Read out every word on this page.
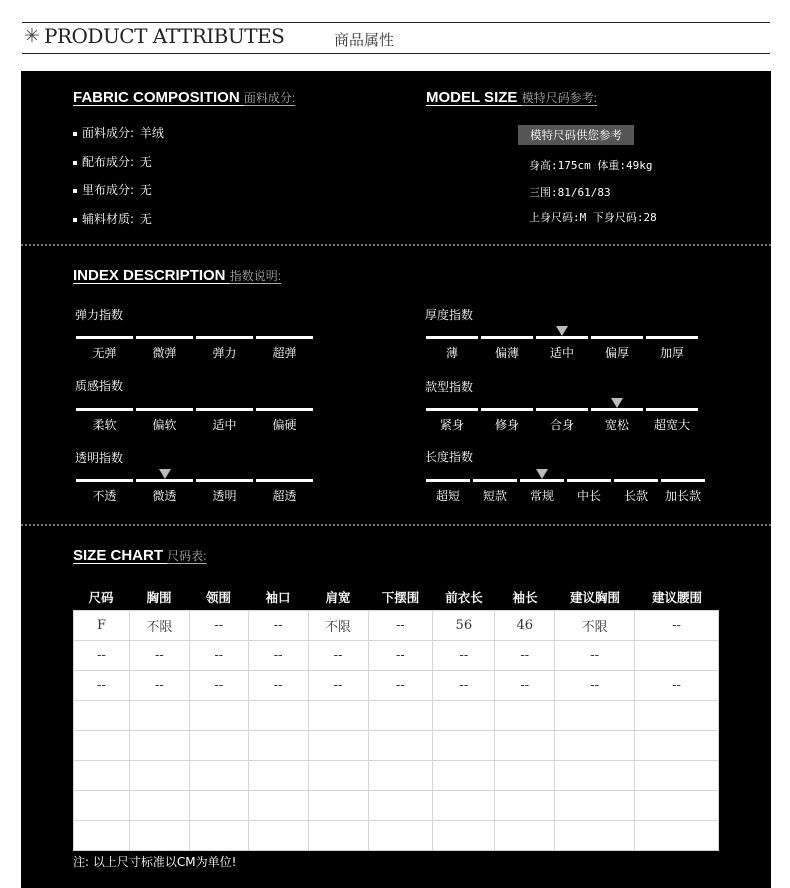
✳ PRODUCT ATTRIBUTES	商品属性
FABRIC COMPOSITION 面料成分:
面料成分: 羊绒
配布成分: 无
里布成分: 无
辅料材质: 无
MODEL SIZE 模特尺码参考:
模特尺码供您参考
身高:175cm 体重:49kg
三围:81/61/83
上身尺码:M 下身尺码:28
INDEX DESCRIPTION 指数说明:
弹力指数
无弹	微弹	弹力	超弹
质感指数
柔软	偏软	适中	偏硬
透明指数
不透	微透	透明	超透
厚度指数
薄	偏薄	适中	偏厚	加厚
款型指数
紧身	修身	合身	宽松	超宽大
长度指数
超短	短款	常规	中长	长款	加长款
SIZE CHART 尺码表:
尺码	胸围	领围	袖口	肩宽	下摆围	前衣长	袖长	建议胸围	建议腰围
F	不限	--	--	不限	--	56	46	不限	--
--	--	--	--	--	--	--	--	--	
--	--	--	--	--	--	--	--	--	--

注: 以上尺寸标准以CM为单位!
